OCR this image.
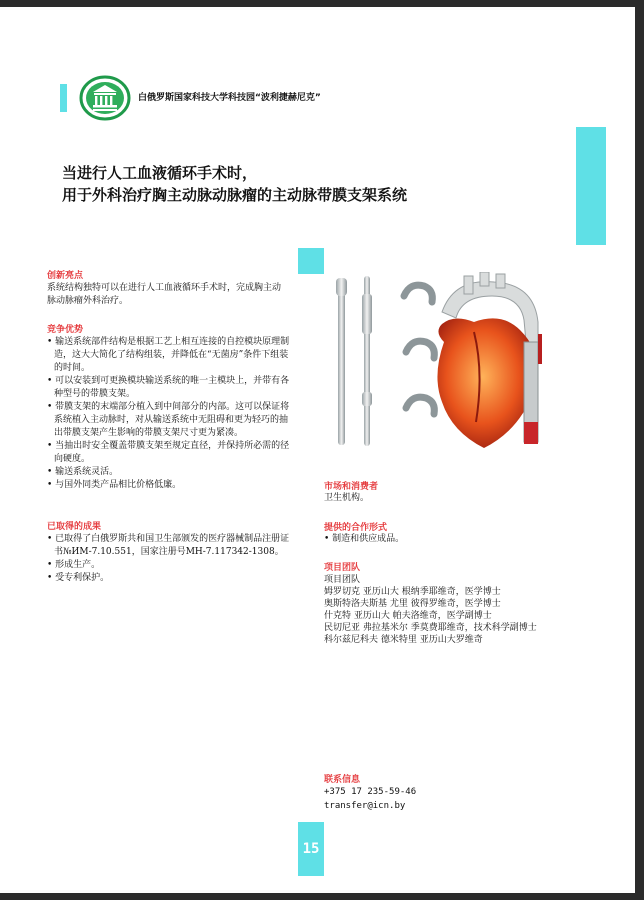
白俄罗斯国家科技大学科技园“波利捷赫尼克”
当进行人工血液循环手术时，
用于外科治疗胸主动脉动脉瘤的主动脉带膜支架系统
创新亮点

系统结构独特可以在进行人工血液循环手术时，完成胸主动脉动脉瘤外科治疗。

竞争优势
• 输送系统部件结构是根据工艺上相互连接的自控模块原理制造，这大大简化了结构组装，并降低在“无菌房”条件下组装的时间。
• 可以安装到可更换模块输送系统的唯一主模块上，并带有各种型号的带膜支架。
• 带膜支架的末端部分植入到中间部分的内部。这可以保证将系统植入主动脉时，对从输送系统中无阻碍和更为轻巧的抽出带膜支架产生影响的带膜支架尺寸更为紧凑。
• 当抽出时安全覆盖带膜支架至规定直径，并保持所必需的径向硬度。
• 输送系统灵活。
• 与国外同类产品相比价格低廉。
已取得的成果
• 已取得了白俄罗斯共和国卫生部颁发的医疗器械制品注册证书№ИМ-7.10.551，国家注册号МН-7.117342-1308。
• 形成生产。
• 受专利保护。
市场和消费者

卫生机构。

提供的合作形式
• 制造和供应成品。
项目团队

项目团队

姆罗切克 亚历山大 根纳季耶维奇，医学博士

奥斯特洛夫斯基 尤里 彼得罗维奇，医学博士

什克特 亚历山大 帕夫洛维奇，医学副博士

民切尼亚 弗拉基米尔 季莫费耶维奇，技术科学副博士

科尔兹尼科夫 德米特里 亚历山大罗维奇

联系信息
+375 17 235-59-46
transfer@icn.by
15
